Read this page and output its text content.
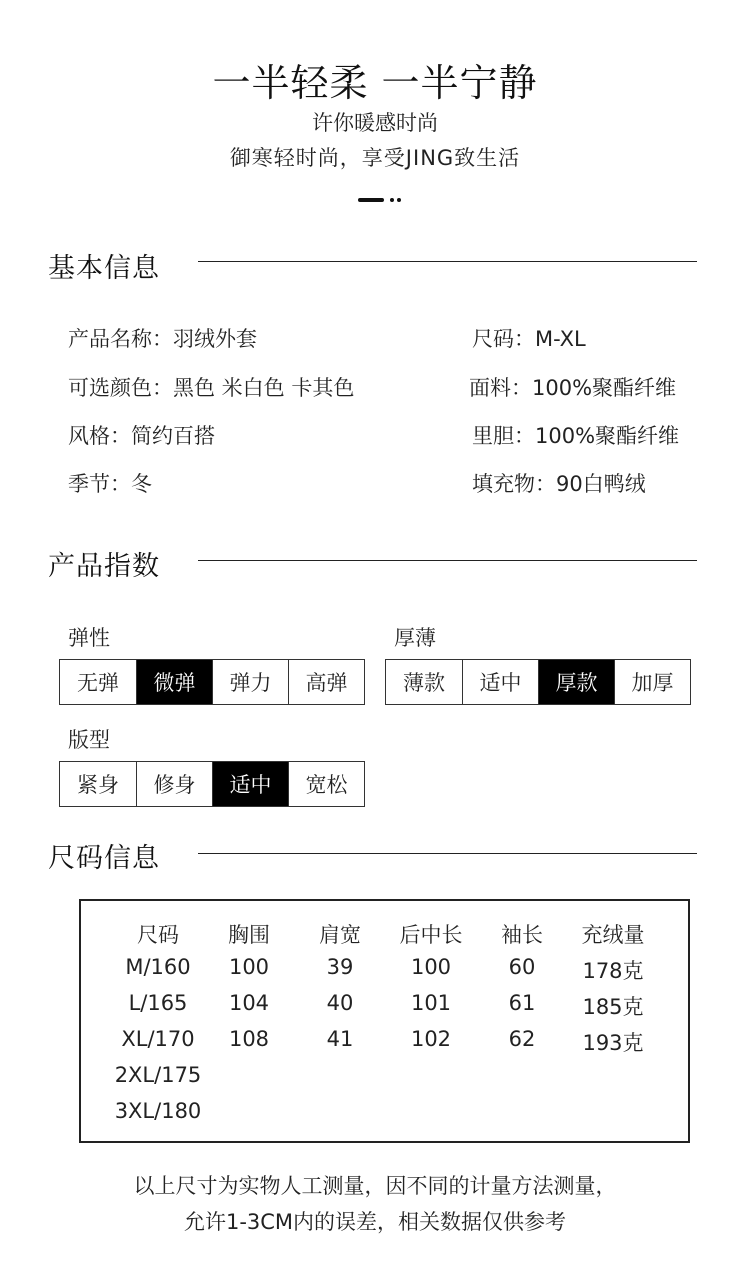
一半轻柔 一半宁静
许你暖感时尚
御寒轻时尚，享受JING致生活
基本信息
产品名称：羽绒外套
可选颜色：黑色 米白色 卡其色
风格：简约百搭
季节：冬
尺码：M-XL
面料：100%聚酯纤维
里胆：100%聚酯纤维
填充物：90白鸭绒
产品指数
弹性
无弹	微弹	弹力	高弹
厚薄
薄款	适中	厚款	加厚
版型
紧身	修身	适中	宽松
尺码信息
尺码	胸围	肩宽	后中长	袖长	充绒量
M/160	100	39	100	60	178克
L/165	104	40	101	61	185克
XL/170	108	41	102	62	193克
2XL/175
3XL/180
以上尺寸为实物人工测量，因不同的计量方法测量，
允许1-3CM内的误差，相关数据仅供参考
